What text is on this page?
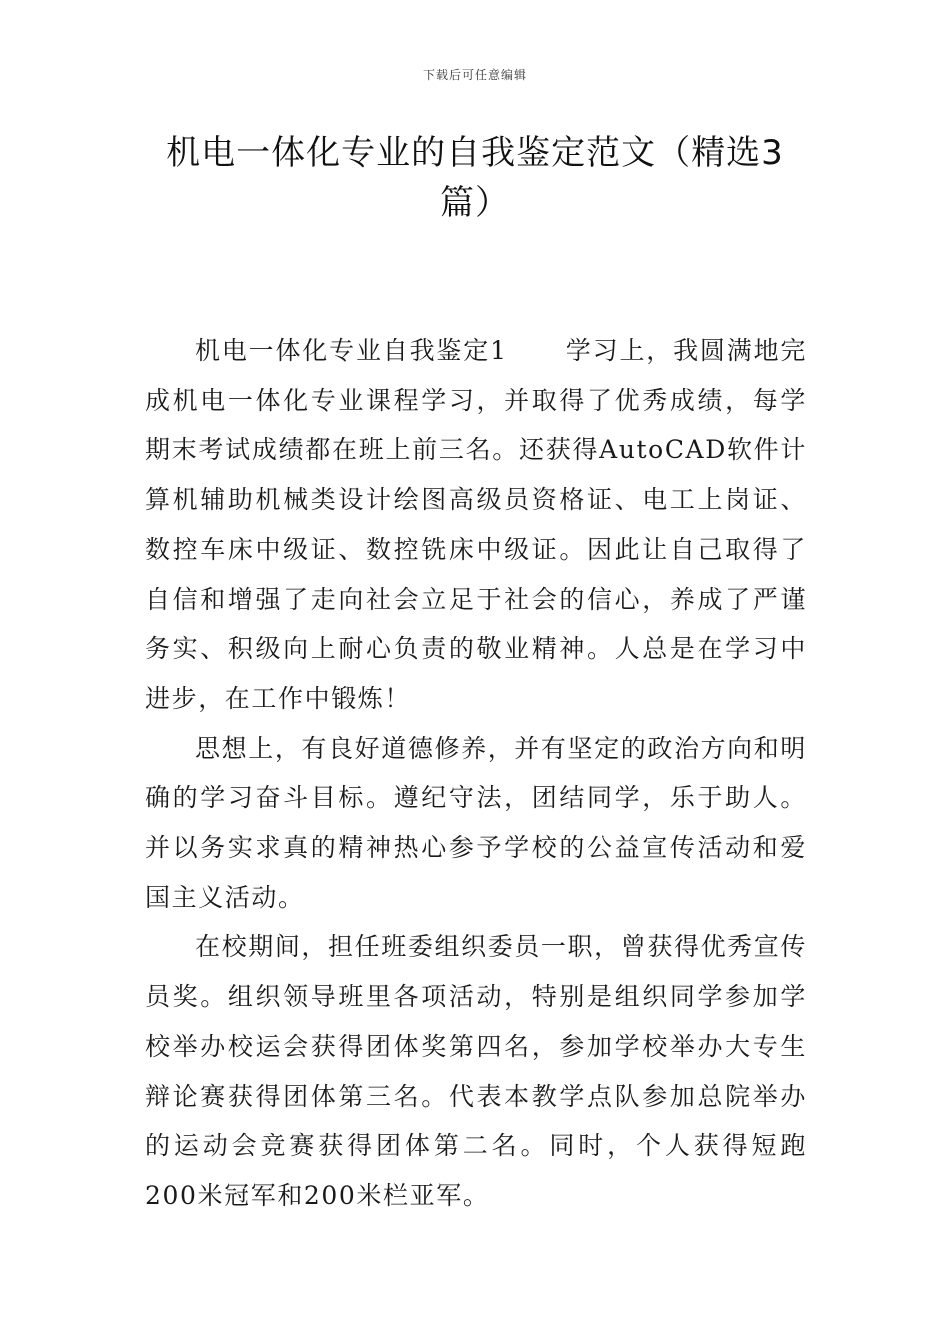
下载后可任意编辑
机电一体化专业的自我鉴定范文（精选3篇）

机电一体化专业自我鉴定1 学习上，我圆满地完成机电一体化专业课程学习，并取得了优秀成绩，每学期末考试成绩都在班上前三名。还获得AutoCAD软件计算机辅助机械类设计绘图高级员资格证、电工上岗证、数控车床中级证、数控铣床中级证。因此让自己取得了自信和增强了走向社会立足于社会的信心，养成了严谨务实、积级向上耐心负责的敬业精神。人总是在学习中进步，在工作中锻炼！

思想上，有良好道德修养，并有坚定的政治方向和明确的学习奋斗目标。遵纪守法，团结同学，乐于助人。并以务实求真的精神热心参予学校的公益宣传活动和爱国主义活动。

在校期间，担任班委组织委员一职，曾获得优秀宣传员奖。组织领导班里各项活动，特别是组织同学参加学校举办校运会获得团体奖第四名，参加学校举办大专生辩论赛获得团体第三名。代表本教学点队参加总院举办的运动会竞赛获得团体第二名。同时，个人获得短跑200米冠军和200米栏亚军。
